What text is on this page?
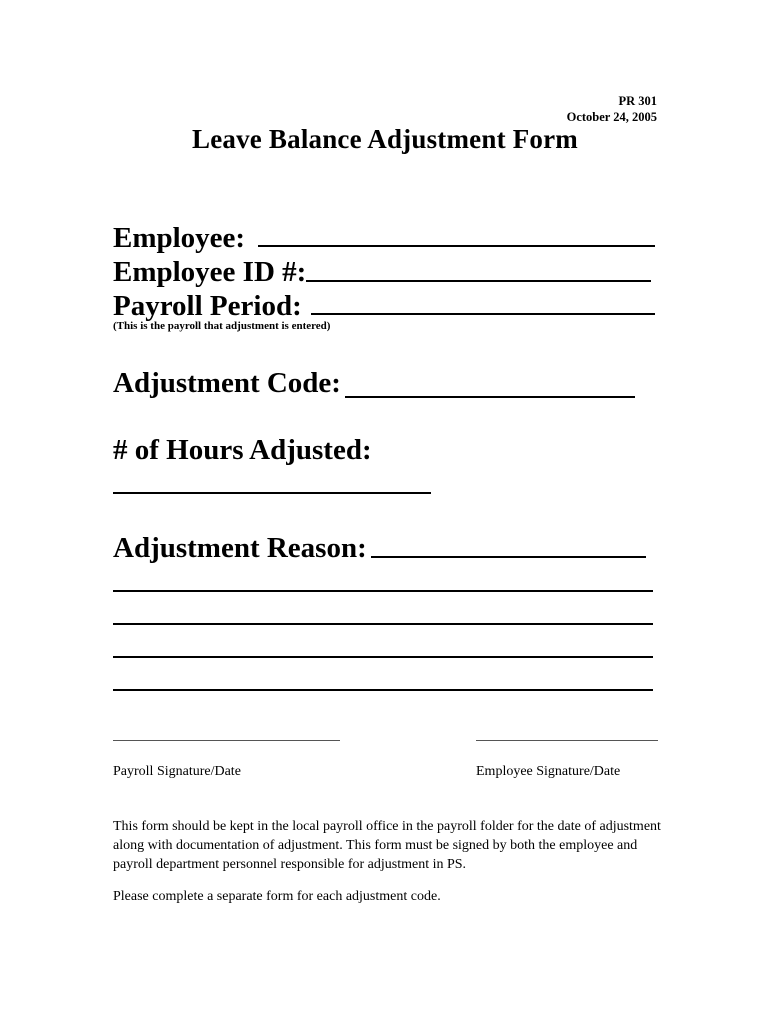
PR 301
October 24, 2005
Leave Balance Adjustment Form
Employee:
Employee ID #:
Payroll Period:
(This is the payroll that adjustment is entered)
Adjustment Code:
# of Hours Adjusted:
Adjustment Reason:
Payroll Signature/Date	Employee Signature/Date
This form should be kept in the local payroll office in the payroll folder for the date of adjustment along with documentation of adjustment. This form must be signed by both the employee and payroll department personnel responsible for adjustment in PS.
Please complete a separate form for each adjustment code.
